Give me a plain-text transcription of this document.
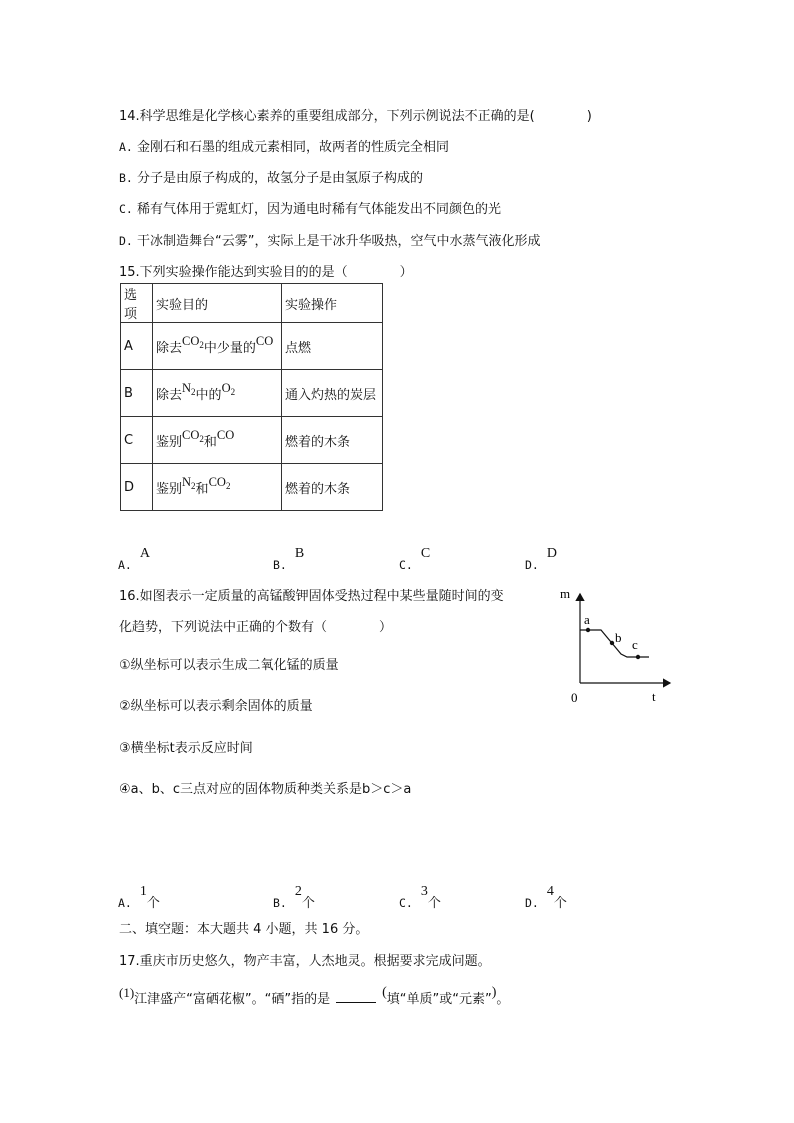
14.科学思维是化学核心素养的重要组成部分，下列示例说法不正确的是(　　　　)
A. 金刚石和石墨的组成元素相同，故两者的性质完全相同
B. 分子是由原子构成的，故氢分子是由氢原子构成的
C. 稀有气体用于霓虹灯，因为通电时稀有气体能发出不同颜色的光
D. 干冰制造舞台“云雾”，实际上是干冰升华吸热，空气中水蒸气液化形成
15.下列实验操作能达到实验目的的是（　　　　）
选项	实验目的	实验操作
A	除去$CO_2$中少量的CO	点燃
B	除去$N_2$中的$O_2$	通入灼热的炭层
C	鉴别$CO_2$和CO	燃着的木条
D	鉴别$N_2$和$CO_2$	燃着的木条
A.A
B.B
C.C
D.D
16.如图表示一定质量的高锰酸钾固体受热过程中某些量随时间的变
化趋势，下列说法中正确的个数有（　　　　）
①纵坐标可以表示生成二氧化锰的质量
②纵坐标可以表示剩余固体的质量
③横坐标t表示反应时间
④a、b、c三点对应的固体物质种类关系是b＞c＞a
m
t
0
a
b c
A.1个	B.2个	C.3个	D.4个
二、填空题：本大题共 4 小题，共 16 分。
17.重庆市历史悠久，物产丰富，人杰地灵。根据要求完成问题。
(1)江津盛产“富硒花椒”。“硒”指的是	(填“单质”或“元素”)。
